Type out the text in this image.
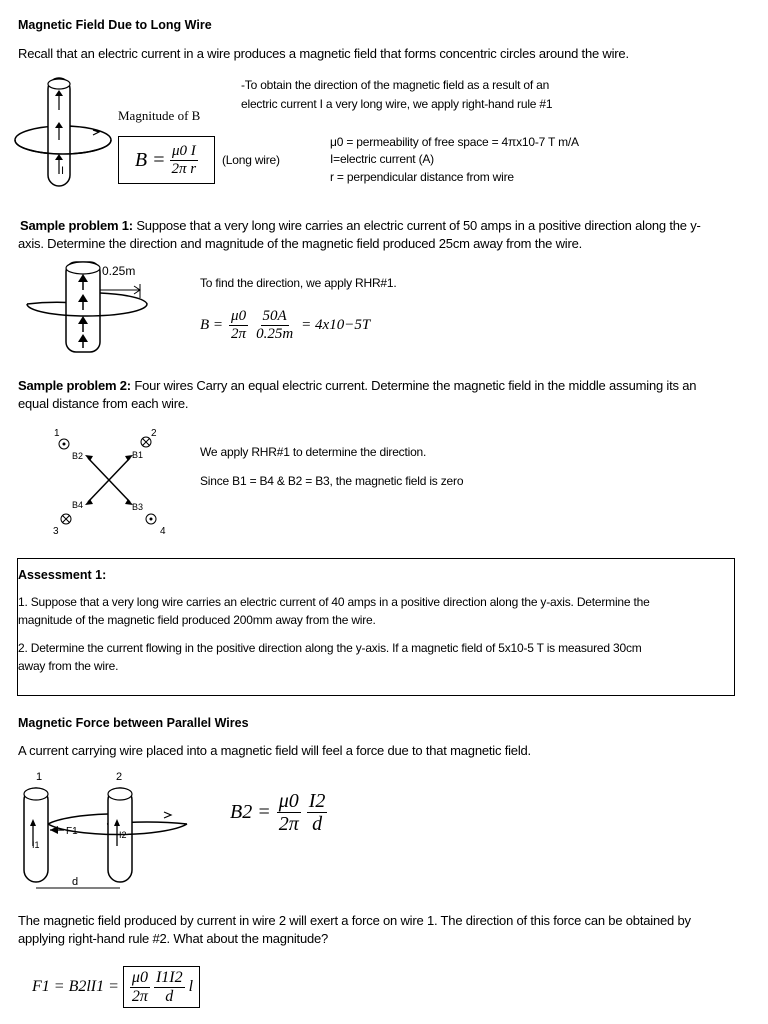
Magnetic Field Due to Long Wire
Recall that an electric current in a wire produces a magnetic field that forms concentric circles around the wire.
I
Magnitude of B
$B = \frac{\mu 0 I}{\text{2π r}}$ (Long wire)
-To obtain the direction of the magnetic field as a result of an
electric current I a very long wire, we apply right-hand rule #1
μ0 = permeability of free space = 4πx10-7 T m/A
I=electric current (A)
r = perpendicular distance from wire
Sample problem 1: Suppose that a very long wire carries an electric current of 50 amps in a positive direction along the y-
axis. Determine the direction and magnitude of the magnetic field produced 25cm away from the wire.
0.25m
To find the direction, we apply RHR#1.
$B = \frac{\mu 0}{2\pi} \frac{50A}{0.25m} = 4x10-5T$
Sample problem 2: Four wires Carry an equal electric current. Determine the magnetic field in the middle assuming its an
equal distance from each wire.
1	2
3	4
B2	B1
B4	B3
We apply RHR#1 to determine the direction.
Since B1 = B4 & B2 = B3, the magnetic field is zero
Assessment 1:
1. Suppose that a very long wire carries an electric current of 40 amps in a positive direction along the y-axis. Determine the
magnitude of the magnetic field produced 200mm away from the wire.
2. Determine the current flowing in the positive direction along the y-axis. If a magnetic field of 5x10-5 T is measured 30cm
away from the wire.
Magnetic Force between Parallel Wires
A current carrying wire placed into a magnetic field will feel a force due to that magnetic field.
1	2
F1
I1
I2
d
$B2 = \frac{\mu 0}{2\pi} \frac{I2}{d}$
The magnetic field produced by current in wire 2 will exert a force on wire 1. The direction of this force can be obtained by
applying right-hand rule #2. What about the magnitude?
$F1 = B2lI1 = \frac{\mu 0}{2\pi} \frac{I1I2}{d}$ l
